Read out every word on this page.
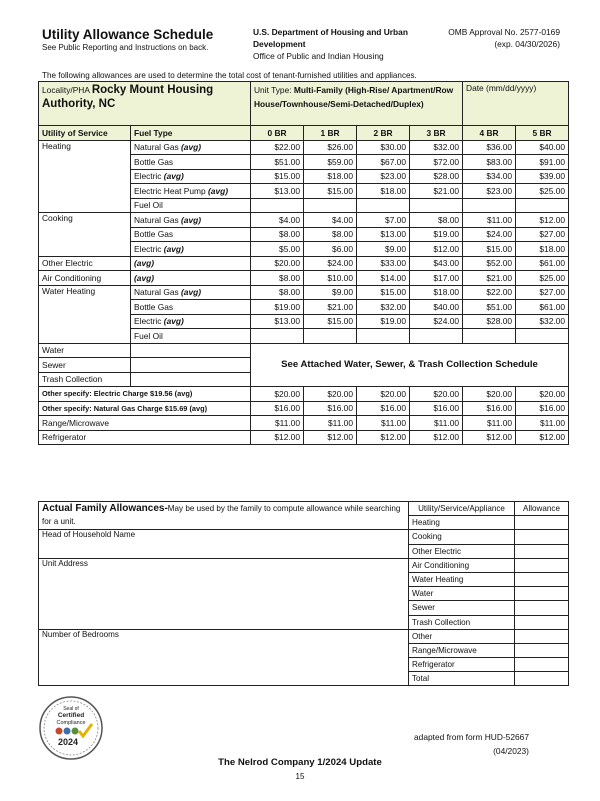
Utility Allowance Schedule
See Public Reporting and Instructions on back.
U.S. Department of Housing and Urban
Development
Office of Public and Indian Housing
OMB Approval No. 2577-0169
(exp. 04/30/2026)
The following allowances are used to determine the total cost of tenant-furnished utilities and appliances.
Locality/PHA Rocky Mount Housing Authority, NC		Unit Type: Multi-Family (High-Rise/ Apartment/Row House/Townhouse/Semi-Detached/Duplex)				Date (mm/dd/yyyy)	
Utility of Service	Fuel Type	0 BR	1 BR	2 BR	3 BR	4 BR	5 BR
Heating	Natural Gas (avg)	$22.00	$26.00	$30.00	$32.00	$36.00	$40.00
	Bottle Gas	$51.00	$59.00	$67.00	$72.00	$83.00	$91.00
	Electric (avg)	$15.00	$18.00	$23.00	$28.00	$34.00	$39.00
	Electric Heat Pump (avg)	$13.00	$15.00	$18.00	$21.00	$23.00	$25.00
	Fuel Oil						
Cooking	Natural Gas (avg)	$4.00	$4.00	$7.00	$8.00	$11.00	$12.00
	Bottle Gas	$8.00	$8.00	$13.00	$19.00	$24.00	$27.00
	Electric (avg)	$5.00	$6.00	$9.00	$12.00	$15.00	$18.00
Other Electric	(avg)	$20.00	$24.00	$33.00	$43.00	$52.00	$61.00
Air Conditioning	(avg)	$8.00	$10.00	$14.00	$17.00	$21.00	$25.00
Water Heating	Natural Gas (avg)	$8.00	$9.00	$15.00	$18.00	$22.00	$27.00
	Bottle Gas	$19.00	$21.00	$32.00	$40.00	$51.00	$61.00
	Electric (avg)	$13.00	$15.00	$19.00	$24.00	$28.00	$32.00
	Fuel Oil						
Water		See Attached Water, Sewer, & Trash Collection Schedule					
Sewer							
Trash Collection							
Other specify: Electric Charge $19.56 (avg)		$20.00	$20.00	$20.00	$20.00	$20.00	$20.00
Other specify: Natural Gas Charge $15.69 (avg)		$16.00	$16.00	$16.00	$16.00	$16.00	$16.00
Range/Microwave		$11.00	$11.00	$11.00	$11.00	$11.00	$11.00
Refrigerator		$12.00	$12.00	$12.00	$12.00	$12.00	$12.00
Actual Family Allowances-May be used by the family to compute allowance while searching for a unit.	Utility/Service/Appliance	Allowance
	Heating	
Head of Household Name	Cooking	
	Other Electric	
Unit Address	Air Conditioning	
	Water Heating	
	Water	
	Sewer	
	Trash Collection	
Number of Bedrooms	Other	
	Range/Microwave	
	Refrigerator	
	Total	
Seal of
Certified
Compliance
2024	adapted from form HUD-52667
(04/2023)
The Nelrod Company 1/2024 Update
15
